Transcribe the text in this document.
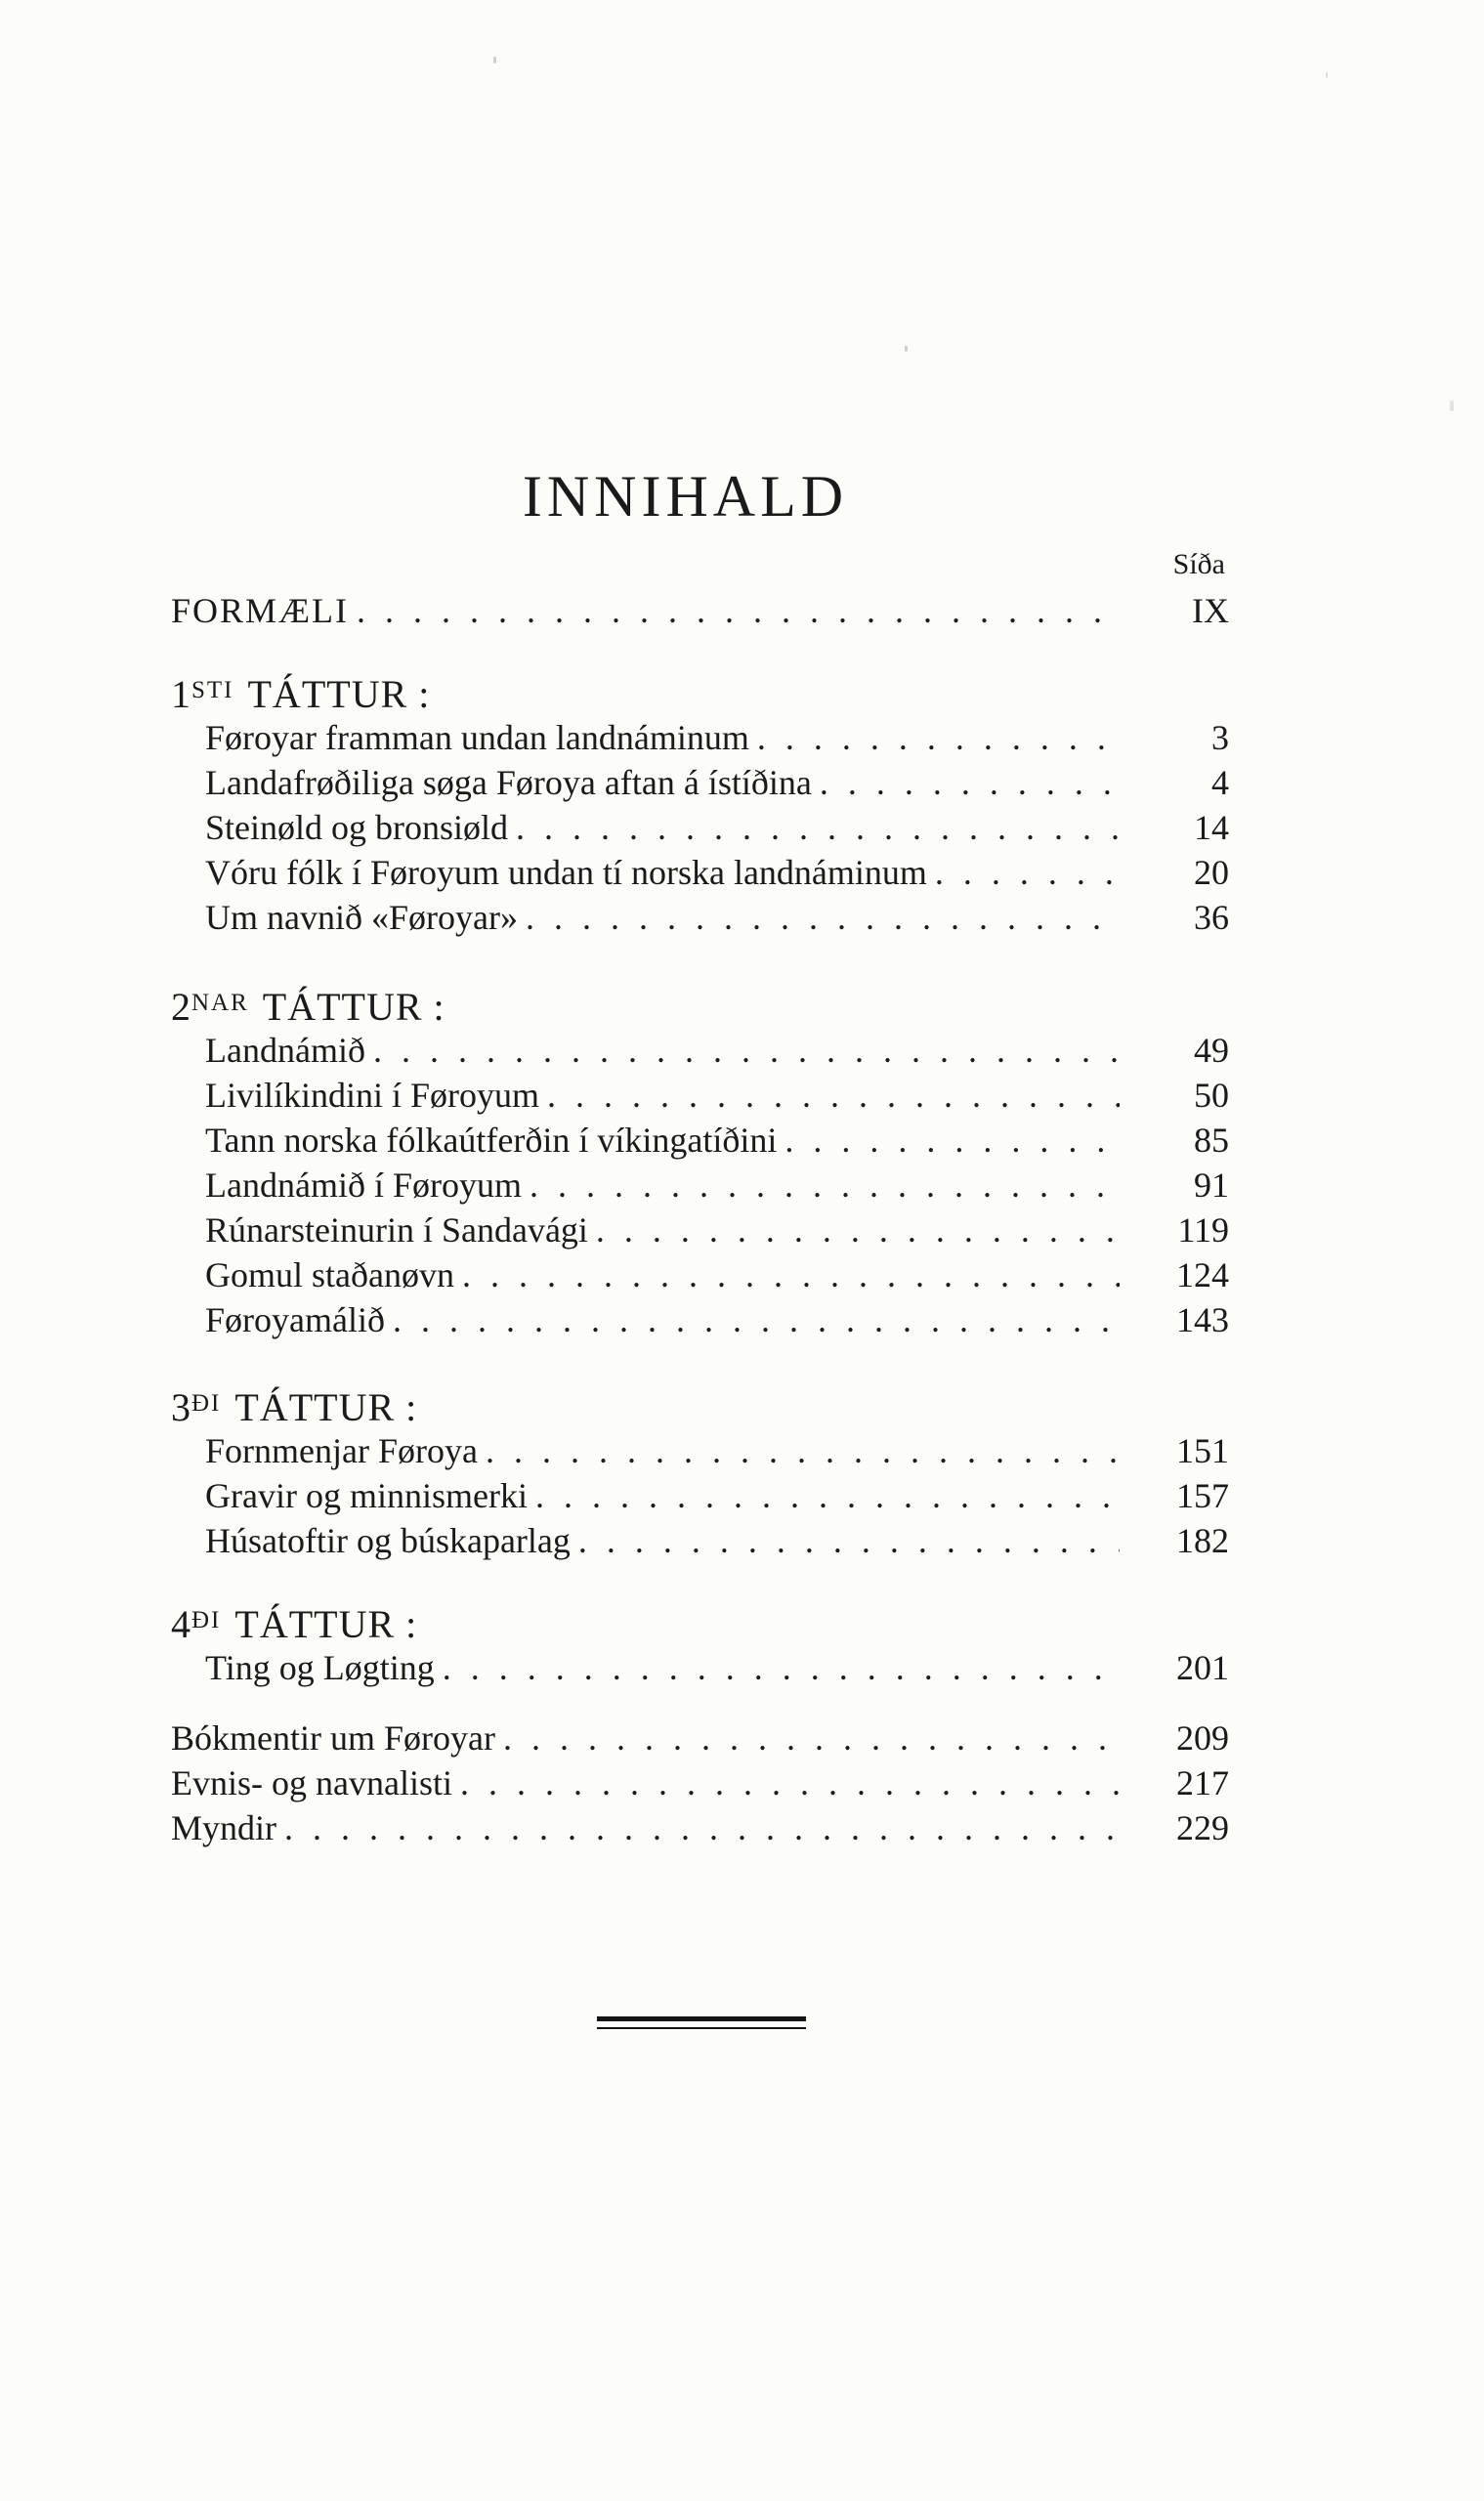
INNIHALD
Síða
FORMÆLI . . .	IX
$1^{STI}$ TÁTTUR :
Føroyar framman undan landnáminum . . .	3
Landafrøðiliga søga Føroya aftan á ístíðina . . .	4
Steinøld og bronsiøld . . .	14
Vóru fólk í Føroyum undan tí norska landnáminum . . .	20
Um navnið «Føroyar» . . .	36
$2^{NAR}$ TÁTTUR :
Landnámið . . .	49
Livilíkindini í Føroyum . . .	50
Tann norska fólkaútferðin í víkingatíðini . . .	85
Landnámið í Føroyum . . .	91
Rúnarsteinurin í Sandavági . . .	119
Gomul staðanøvn . . .	124
Føroyamálið . . .	143
$3^{ÐI}$ TÁTTUR :
Fornmenjar Føroya . . .	151
Gravir og minnismerki . . .	157
Húsatoftir og búskaparlag . . .	182
$4^{ÐI}$ TÁTTUR :
Ting og Løgting . . .	201
Bókmentir um Føroyar . . .	209
Evnis- og navnalisti . . .	217
Myndir . . .	229
